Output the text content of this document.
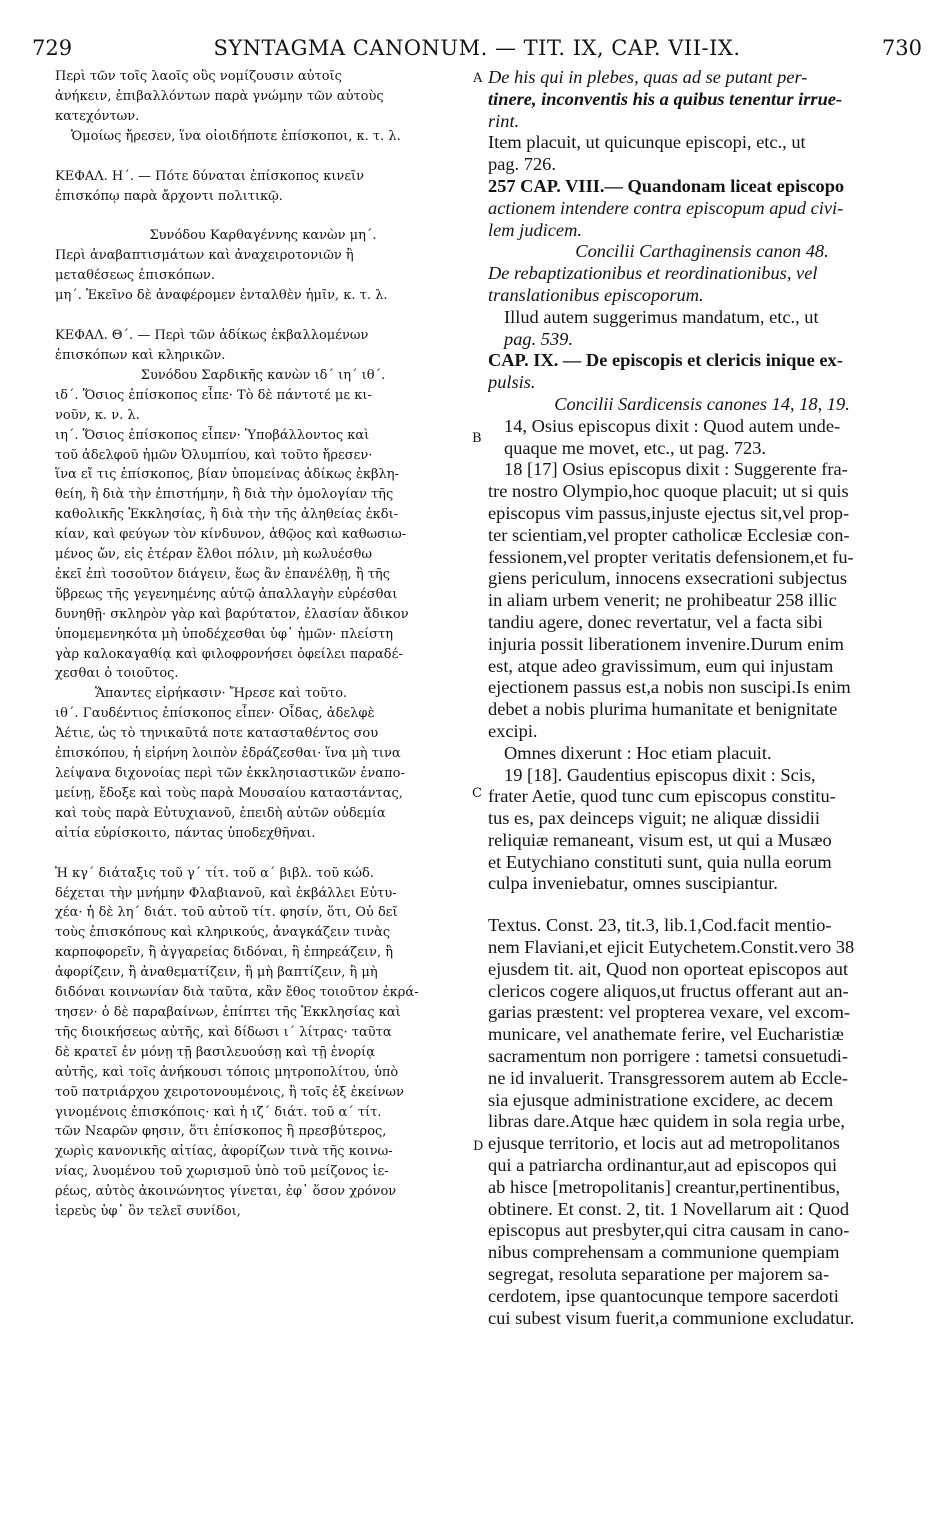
729	SYNTAGMA CANONUM. — TIT. IX, CAP. VII-IX.	730
A
B
C
D
Περὶ τῶν τοῖς λαοῖς οὓς νομίζουσιν αὐτοῖς
ἀνήκειν, ἐπιβαλλόντων παρὰ γνώμην τῶν αὐτοὺς
κατεχόντων.
Ὁμοίως ἤρεσεν, ἵνα οἱοιδήποτε ἐπίσκοποι, κ. τ. λ.
ΚΕΦΑΛ. Η΄. — Πότε δύναται ἐπίσκοπος κινεῖν
ἐπισκόπῳ παρὰ ἄρχοντι πολιτικῷ.
Συνόδου Καρθαγέννης κανὼν μη΄.
Περὶ ἀναβαπτισμάτων καὶ ἀναχειροτονιῶν ἢ
μεταθέσεως ἐπισκόπων.
μη΄. Ἐκεῖνο δὲ ἀναφέρομεν ἐνταλθὲν ἡμῖν, κ. τ. λ.
ΚΕΦΑΛ. Θ΄. — Περὶ τῶν ἀδίκως ἐκβαλλομένων
ἐπισκόπων καὶ κληρικῶν.
Συνόδου Σαρδικῆς κανὼν ιδ΄ ιη΄ ιθ΄.
ιδ΄. Ὅσιος ἐπίσκοπος εἶπε· Τὸ δὲ πάντοτέ με κι-
νοῦν, κ. ν. λ.
ιη΄. Ὅσιος ἐπίσκοπος εἶπεν· Ὑποβάλλοντος καὶ
τοῦ ἀδελφοῦ ἡμῶν Ὀλυμπίου, καὶ τοῦτο ἤρεσεν·
ἵνα εἴ τις ἐπίσκοπος, βίαν ὑπομείνας ἀδίκως ἐκβλη-
θείη, ἢ διὰ τὴν ἐπιστήμην, ἢ διὰ τὴν ὁμολογίαν τῆς
καθολικῆς Ἐκκλησίας, ἢ διὰ τὴν τῆς ἀληθείας ἐκδι-
κίαν, καὶ φεύγων τὸν κίνδυνον, ἀθῷος καὶ καθωσιω-
μένος ὤν, εἰς ἑτέραν ἔλθοι πόλιν, μὴ κωλυέσθω
ἐκεῖ ἐπὶ τοσοῦτον διάγειν, ἕως ἂν ἐπανέλθῃ, ἢ τῆς
ὕβρεως τῆς γεγενημένης αὐτῷ ἀπαλλαγὴν εὑρέσθαι
δυνηθῇ· σκληρὸν γὰρ καὶ βαρύτατον, ἐλασίαν ἄδικον
ὑπομεμενηκότα μὴ ὑποδέχεσθαι ὑφ᾽ ἡμῶν· πλείστη
γὰρ καλοκαγαθίᾳ καὶ φιλοφρονήσει ὀφείλει παραδέ-
χεσθαι ὁ τοιοῦτος.
Ἅπαντες εἰρήκασιν· Ἤρεσε καὶ τοῦτο.
ιθ΄. Γαυδέντιος ἐπίσκοπος εἶπεν· Οἶδας, ἀδελφὲ
Ἀέτιε, ὡς τὸ τηνικαῦτά ποτε κατασταθέντος σου
ἐπισκόπου, ἡ εἰρήνη λοιπὸν ἐδράζεσθαι· ἵνα μὴ τινα
λείψανα διχονοίας περὶ τῶν ἐκκλησιαστικῶν ἐναπο-
μείνῃ, ἔδοξε καὶ τοὺς παρὰ Μουσαίου καταστάντας,
καὶ τοὺς παρὰ Εὐτυχιανοῦ, ἐπειδὴ αὐτῶν οὐδεμία
αἰτία εὑρίσκοιτο, πάντας ὑποδεχθῆναι.
Ἡ κγ΄ διάταξις τοῦ γ΄ τίτ. τοῦ α΄ βιβλ. τοῦ κώδ.
δέχεται τὴν μνήμην Φλαβιανοῦ, καὶ ἐκβάλλει Εὐτυ-
χέα· ἡ δὲ λη΄ διάτ. τοῦ αὐτοῦ τίτ. φησίν, ὅτι, Οὐ δεῖ
τοὺς ἐπισκόπους καὶ κληρικούς, ἀναγκάζειν τινὰς
καρποφορεῖν, ἢ ἀγγαρείας διδόναι, ἢ ἐπηρεάζειν, ἢ
ἀφορίζειν, ἢ ἀναθεματίζειν, ἢ μὴ βαπτίζειν, ἢ μὴ
διδόναι κοινωνίαν διὰ ταῦτα, κἂν ἔθος τοιοῦτον ἐκρά-
τησεν· ὁ δὲ παραβαίνων, ἐπίπτει τῆς Ἐκκλησίας καὶ
τῆς διοικήσεως αὐτῆς, καὶ δίδωσι ι΄ λίτρας· ταῦτα
δὲ κρατεῖ ἐν μόνῃ τῇ βασιλευούσῃ καὶ τῇ ἐνορίᾳ
αὐτῆς, καὶ τοῖς ἀνήκουσι τόποις μητροπολίτου, ὑπὸ
τοῦ πατριάρχου χειροτονουμένοις, ἢ τοῖς ἐξ ἐκείνων
γινομένοις ἐπισκόποις· καὶ ἡ ιζ΄ διάτ. τοῦ α΄ τίτ.
τῶν Νεαρῶν φησιν, ὅτι ἐπίσκοπος ἢ πρεσβύτερος,
χωρὶς κανονικῆς αἰτίας, ἀφορίζων τινὰ τῆς κοινω-
νίας, λυομένου τοῦ χωρισμοῦ ὑπὸ τοῦ μείζονος ἱε-
ρέως, αὐτὸς ἀκοινώνητος γίνεται, ἐφ᾽ ὅσον χρόνον
ἱερεὺς ὑφ᾽ ὃν τελεῖ συνίδοι,
De his qui in plebes, quas ad se putant per-
tinere, inconventis his a quibus tenentur irrue-
rint.
Item placuit, ut quicunque episcopi, etc., ut
pag. 726.
257 CAP. VIII.— Quandonam liceat episcopo
actionem intendere contra episcopum apud civi-
lem judicem.
Concilii Carthaginensis canon 48.
De rebaptizationibus et reordinationibus, vel
translationibus episcoporum.
Illud autem suggerimus mandatum, etc., ut
pag. 539.
CAP. IX. — De episcopis et clericis inique ex-
pulsis.
Concilii Sardicensis canones 14, 18, 19.
14, Osius episcopus dixit : Quod autem unde-
quaque me movet, etc., ut pag. 723.
18 [17] Osius episcopus dixit : Suggerente fra-
tre nostro Olympio,hoc quoque placuit; ut si quis
episcopus vim passus,injuste ejectus sit,vel prop-
ter scientiam,vel propter catholicæ Ecclesiæ con-
fessionem,vel propter veritatis defensionem,et fu-
giens periculum, innocens exsecrationi subjectus
in aliam urbem venerit; ne prohibeatur 258 illic
tandiu agere, donec revertatur, vel a facta sibi
injuria possit liberationem invenire.Durum enim
est, atque adeo gravissimum, eum qui injustam
ejectionem passus est,a nobis non suscipi.Is enim
debet a nobis plurima humanitate et benignitate
excipi.
Omnes dixerunt : Hoc etiam placuit.
19 [18]. Gaudentius episcopus dixit : Scis,
frater Aetie, quod tunc cum episcopus constitu-
tus es, pax deinceps viguit; ne aliquæ dissidii
reliquiæ remaneant, visum est, ut qui a Musæo
et Eutychiano constituti sunt, quia nulla eorum
culpa inveniebatur, omnes suscipiantur.
Textus. Const. 23, tit.3, lib.1,Cod.facit mentio-
nem Flaviani,et ejicit Eutychetem.Constit.vero 38
ejusdem tit. ait, Quod non oporteat episcopos aut
clericos cogere aliquos,ut fructus offerant aut an-
garias præstent: vel propterea vexare, vel excom-
municare, vel anathemate ferire, vel Eucharistiæ
sacramentum non porrigere : tametsi consuetudi-
ne id invaluerit. Transgressorem autem ab Eccle-
sia ejusque administratione excidere, ac decem
libras dare.Atque hæc quidem in sola regia urbe,
ejusque territorio, et locis aut ad metropolitanos
qui a patriarcha ordinantur,aut ad episcopos qui
ab hisce [metropolitanis] creantur,pertinentibus,
obtinere. Et const. 2, tit. 1 Novellarum ait : Quod
episcopus aut presbyter,qui citra causam in cano-
nibus comprehensam a communione quempiam
segregat, resoluta separatione per majorem sa-
cerdotem, ipse quantocunque tempore sacerdoti
cui subest visum fuerit,a communione excludatur.
